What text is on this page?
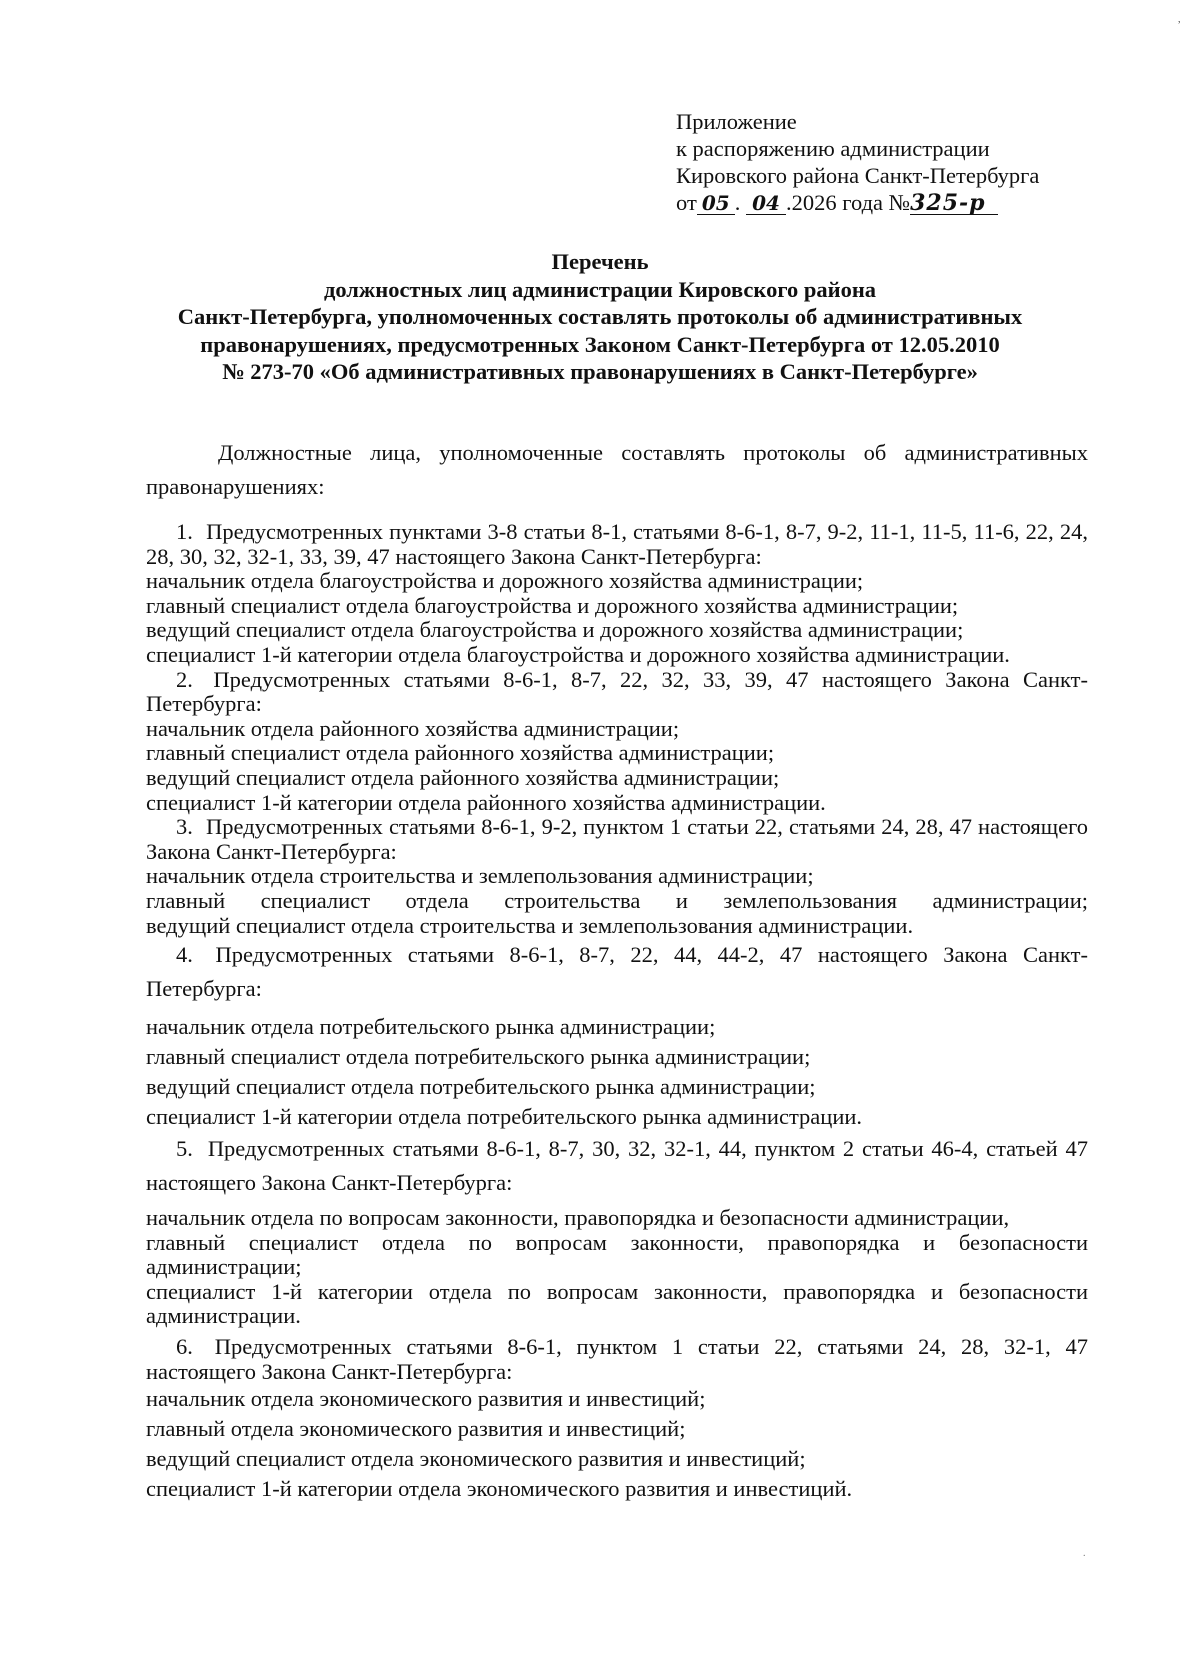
,
Приложение
к распоряжению администрации
Кировского района Санкт-Петербурга
от 05 . 04 .2026 года №325-р
Перечень
должностных лиц администрации Кировского района
Санкт-Петербурга, уполномоченных составлять протоколы об административных
правонарушениях, предусмотренных Законом Санкт-Петербурга от 12.05.2010
№ 273-70 «Об административных правонарушениях в Санкт-Петербурге»
Должностные лица, уполномоченные составлять протоколы об административных правонарушениях:

1. Предусмотренных пунктами 3-8 статьи 8-1, статьями 8-6-1, 8-7, 9-2, 11-1, 11-5, 11-6, 22, 24, 28, 30, 32, 32-1, 33, 39, 47 настоящего Закона Санкт-Петербурга:

начальник отдела благоустройства и дорожного хозяйства администрации;

главный специалист отдела благоустройства и дорожного хозяйства администрации;

ведущий специалист отдела благоустройства и дорожного хозяйства администрации;

специалист 1-й категории отдела благоустройства и дорожного хозяйства администрации.

2. Предусмотренных статьями 8-6-1, 8-7, 22, 32, 33, 39, 47 настоящего Закона Санкт-Петербурга:

начальник отдела районного хозяйства администрации;

главный специалист отдела районного хозяйства администрации;

ведущий специалист отдела районного хозяйства администрации;

специалист 1-й категории отдела районного хозяйства администрации.

3. Предусмотренных статьями 8-6-1, 9-2, пунктом 1 статьи 22, статьями 24, 28, 47 настоящего Закона Санкт-Петербурга:

начальник отдела строительства и землепользования администрации;

главный специалист отдела строительства и землепользования администрации;

ведущий специалист отдела строительства и землепользования администрации.

4. Предусмотренных статьями 8-6-1, 8-7, 22, 44, 44-2, 47 настоящего Закона Санкт-Петербурга:

начальник отдела потребительского рынка администрации;

главный специалист отдела потребительского рынка администрации;

ведущий специалист отдела потребительского рынка администрации;

специалист 1-й категории отдела потребительского рынка администрации.

5. Предусмотренных статьями 8-6-1, 8-7, 30, 32, 32-1, 44, пунктом 2 статьи 46-4, статьей 47 настоящего Закона Санкт-Петербурга:

начальник отдела по вопросам законности, правопорядка и безопасности администрации,

главный специалист отдела по вопросам законности, правопорядка и безопасности администрации;

специалист 1-й категории отдела по вопросам законности, правопорядка и безопасности администрации.

6. Предусмотренных статьями 8-6-1, пунктом 1 статьи 22, статьями 24, 28, 32-1, 47 настоящего Закона Санкт-Петербурга:

начальник отдела экономического развития и инвестиций;

главный отдела экономического развития и инвестиций;

ведущий специалист отдела экономического развития и инвестиций;

специалист 1-й категории отдела экономического развития и инвестиций.

.
